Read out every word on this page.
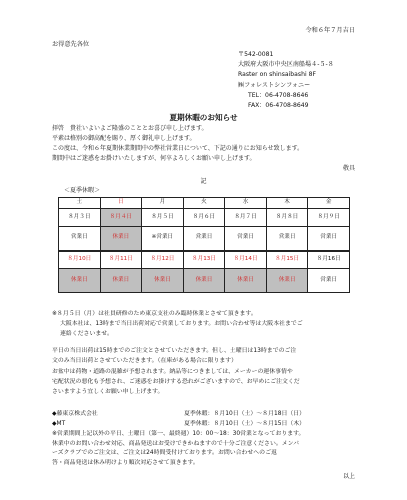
令和６年７月吉日
お得意先各位
〒542-0081
大阪府大阪市中央区南船場４-５-８
Raster on shinsaibashi 8F
㈱フォレストシンフォニー
TEL：06-4708-8646
FAX：06-4708-8649
夏期休暇のお知らせ
拝啓　貴社いよいよご隆盛のこととお喜び申し上げます。
平素は格別の御高配を賜り、厚く御礼申し上げます。
この度は、令和６年夏期休業期間中の弊社営業日について、下記の通りにお知らせ致します。
期間中はご迷惑をお掛けいたしますが、何卒よろしくお願い申し上げます。
敬具
記
＜夏季休暇＞
土	日	月	火	水	木	金
８月３日	８月４日	８月５日	８月６日	８月７日	８月８日	８月９日
営業日	休業日	※営業日	営業日	営業日	営業日	営業日
８月10日	８月11日	８月12日	８月13日	８月14日	８月15日	８月16日
休業日	休業日	休業日	休業日	休業日	休業日	営業日
※８月５日（月）は社員研修のため東京支社のみ臨時休業とさせて頂きます。
大阪本社は、13時まで当日出荷対応で営業しております。お問い合わせ等は大阪本社までご
連絡くださいませ。
平日の当日出荷は15時までのご注文とさせていただきます。但し、土曜日は13時までのご注
文のみ当日出荷とさせていただきます。（在庫がある場合に限ります）
お盆中は荷物・道路の混雑が予想されます。納品等につきましては、メーカーの運休事情や
宅配状況の悪化も予想され、ご迷惑をお掛けする恐れがございますので、お早めにご注文くだ
さいますよう宜しくお願い申し上げます。
◆藤東京株式会社	夏季休暇：８月10日（土）～８月18日（日）
◆MT	夏季休暇：８月10日（土）～８月15日（木）
※営業期間上記以外の平日、土曜日（第一、最終週）10：00～18：30営業となっております。
休業中のお問い合わせ対応、商品発送はお受けできかねますので十分ご注意ください。メンバ
ーズクラブでのご注文は、ご注文は24時間受付けております。お問い合わせへのご返
答・商品発送は休み明けより順次対応させて頂きます。
以上
